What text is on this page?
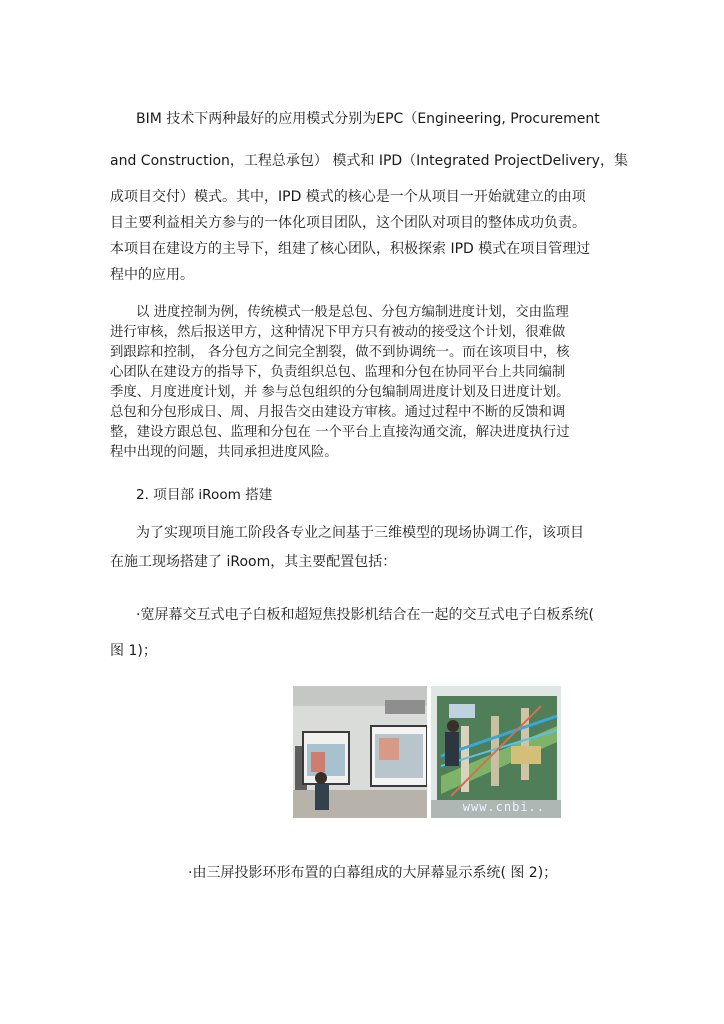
BIM 技术下两种最好的应用模式分别为EPC（Engineering, Procurement
and Construction，工程总承包） 模式和 IPD（Integrated ProjectDelivery，集
成项目交付）模式。其中，IPD 模式的核心是一个从项目一开始就建立的由项
目主要利益相关方参与的一体化项目团队，这个团队对项目的整体成功负责。
本项目在建设方的主导下，组建了核心团队，积极探索 IPD 模式在项目管理过
程中的应用。
以 进度控制为例，传统模式一般是总包、分包方编制进度计划，交由监理
进行审核，然后报送甲方，这种情况下甲方只有被动的接受这个计划，很难做
到跟踪和控制， 各分包方之间完全割裂，做不到协调统一。而在该项目中，核
心团队在建设方的指导下，负责组织总包、监理和分包在协同平台上共同编制
季度、月度进度计划，并 参与总包组织的分包编制周进度计划及日进度计划。
总包和分包形成日、周、月报告交由建设方审核。通过过程中不断的反馈和调
整，建设方跟总包、监理和分包在 一个平台上直接沟通交流，解决进度执行过
程中出现的问题，共同承担进度风险。
2. 项目部 iRoom 搭建
为了实现项目施工阶段各专业之间基于三维模型的现场协调工作，该项目
在施工现场搭建了 iRoom，其主要配置包括：
·宽屏幕交互式电子白板和超短焦投影机结合在一起的交互式电子白板系统(
图 1)；
www.cnbi..
·由三屏投影环形布置的白幕组成的大屏幕显示系统( 图 2)；
